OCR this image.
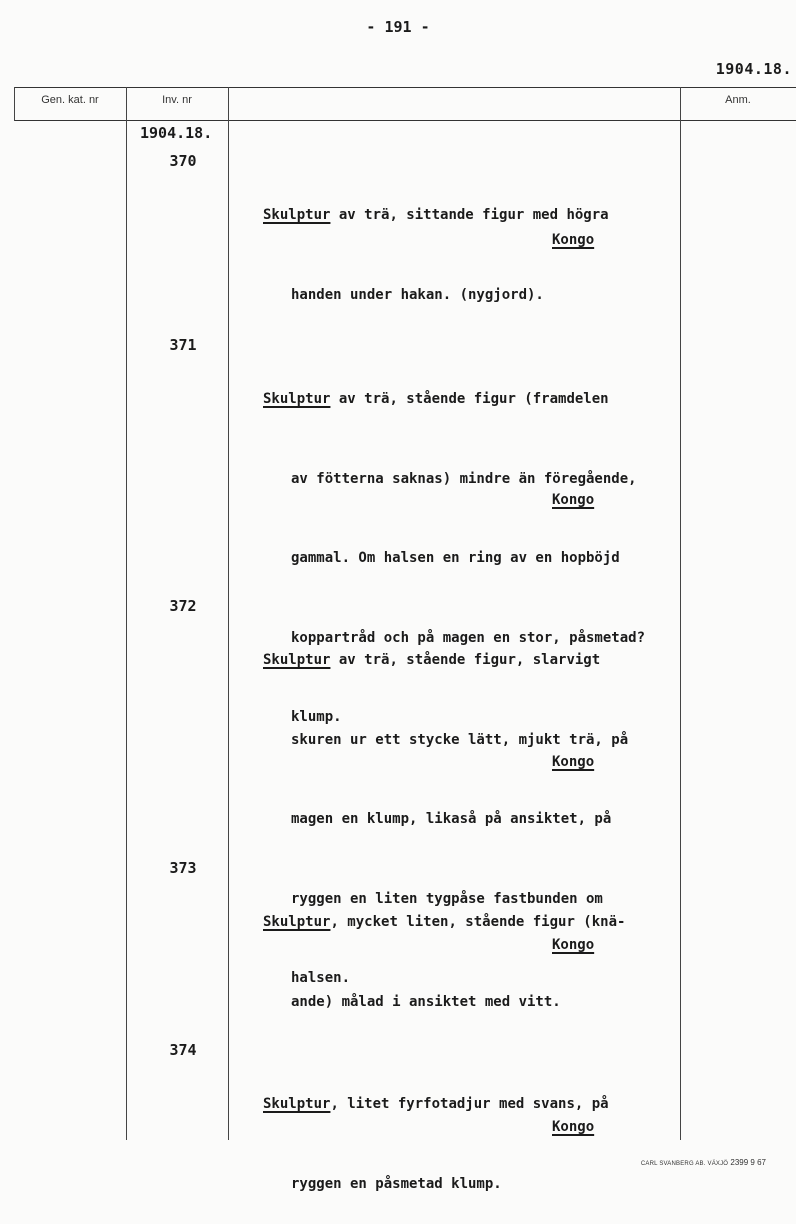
- 191 -
1904.18.
Gen. kat. nr	Inv. nr	Anm.
1904.18.
370

Skulptur av trä, sittande figur med högra

handen under hakan. (nygjord).

Kongo
371

Skulptur av trä, stående figur (framdelen

av fötterna saknas) mindre än föregående,

gammal. Om halsen en ring av en hopböjd

koppartråd och på magen en stor, påsmetad?

klump.

Kongo
372

Skulptur av trä, stående figur, slarvigt

skuren ur ett stycke lätt, mjukt trä, på

magen en klump, likaså på ansiktet, på

ryggen en liten tygpåse fastbunden om

halsen.

Kongo
373

Skulptur, mycket liten, stående figur (knä-

ande) målad i ansiktet med vitt.

Kongo
374

Skulptur, litet fyrfotadjur med svans, på

ryggen en påsmetad klump.

Kongo
CARL SVANBERG AB. VÄXJÖ 2399 9 67
